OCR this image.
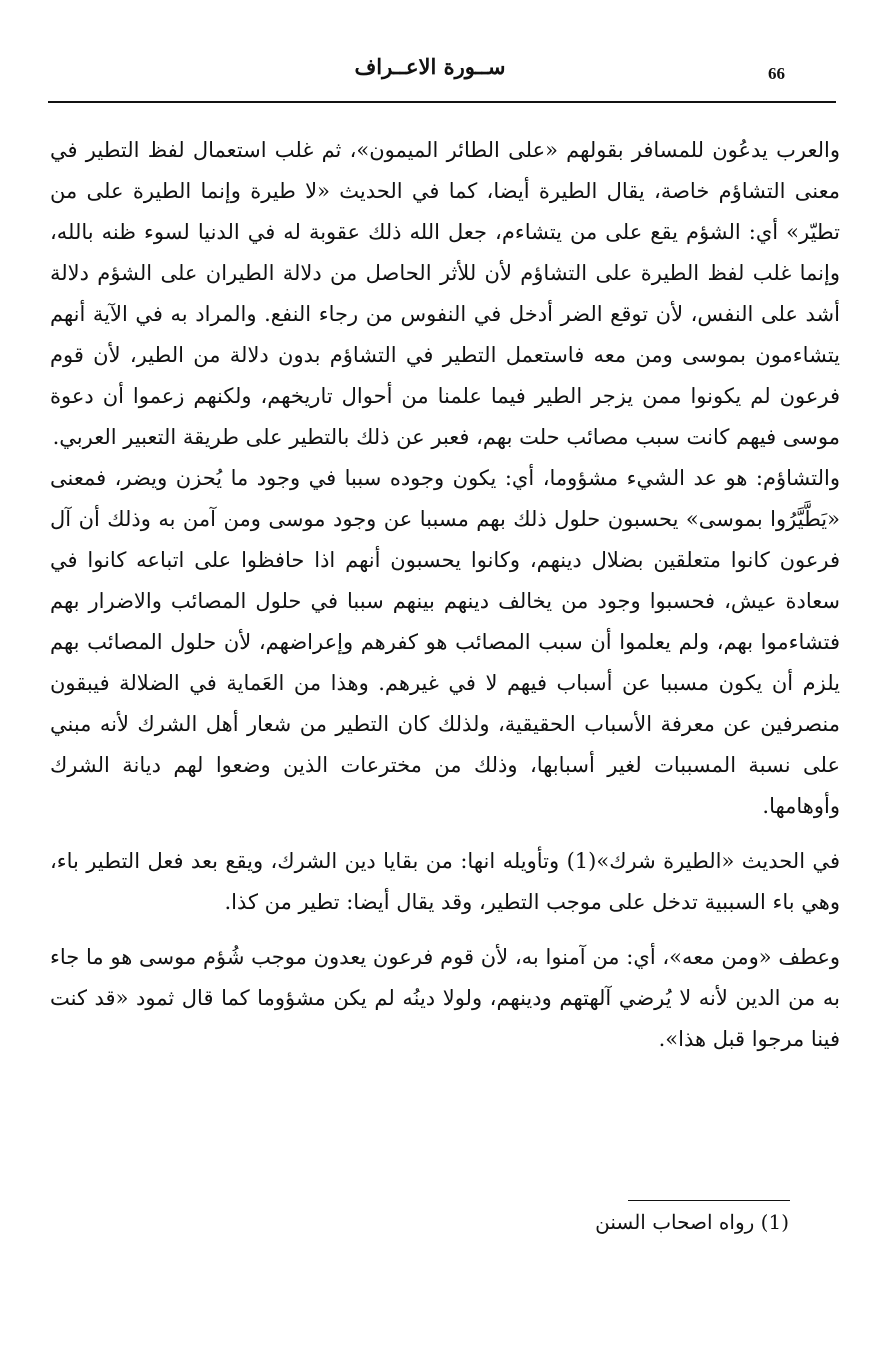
66
ســورة الاعــراف

والعرب يدعُون للمسافر بقولهم «على الطائر الميمون»، ثم غلب استعمال لفظ التطير في معنى التشاؤم خاصة، يقال الطيرة أيضا، كما في الحديث «لا طيرة وإنما الطيرة على من تطيّر» أي: الشؤم يقع على من يتشاءم، جعل الله ذلك عقوبة له في الدنيا لسوء ظنه بالله، وإنما غلب لفظ الطيرة على التشاؤم لأن للأثر الحاصل من دلالة الطيران على الشؤم دلالة أشد على النفس، لأن توقع الضر أدخل في النفوس من رجاء النفع. والمراد به في الآية أنهم يتشاءمون بموسى ومن معه فاستعمل التطير في التشاؤم بدون دلالة من الطير، لأن قوم فرعون لم يكونوا ممن يزجر الطير فيما علمنا من أحوال تاريخهم، ولكنهم زعموا أن دعوة موسى فيهم كانت سبب مصائب حلت بهم، فعبر عن ذلك بالتطير على طريقة التعبير العربي.

والتشاؤم: هو عد الشيء مشؤوما، أي: يكون وجوده سببا في وجود ما يُحزن ويضر، فمعنى «يَطَّيَّرُوا بموسى» يحسبون حلول ذلك بهم مسببا عن وجود موسى ومن آمن به وذلك أن آل فرعون كانوا متعلقين بضلال دينهم، وكانوا يحسبون أنهم اذا حافظوا على اتباعه كانوا في سعادة عيش، فحسبوا وجود من يخالف دينهم بينهم سببا في حلول المصائب والاضرار بهم فتشاءموا بهم، ولم يعلموا أن سبب المصائب هو كفرهم وإعراضهم، لأن حلول المصائب بهم يلزم أن يكون مسببا عن أسباب فيهم لا في غيرهم. وهذا من العَماية في الضلالة فيبقون منصرفين عن معرفة الأسباب الحقيقية، ولذلك كان التطير من شعار أهل الشرك لأنه مبني على نسبة المسببات لغير أسبابها، وذلك من مخترعات الذين وضعوا لهم ديانة الشرك وأوهامها.

في الحديث «الطيرة شرك»(1) وتأويله انها: من بقايا دين الشرك، ويقع بعد فعل التطير باء، وهي باء السببية تدخل على موجب التطير، وقد يقال أيضا: تطير من كذا.

وعطف «ومن معه»، أي: من آمنوا به، لأن قوم فرعون يعدون موجب شُؤم موسى هو ما جاء به من الدين لأنه لا يُرضي آلهتهم ودينهم، ولولا دينُه لم يكن مشؤوما كما قال ثمود «قد كنت فينا مرجوا قبل هذا».

(1) رواه اصحاب السنن
